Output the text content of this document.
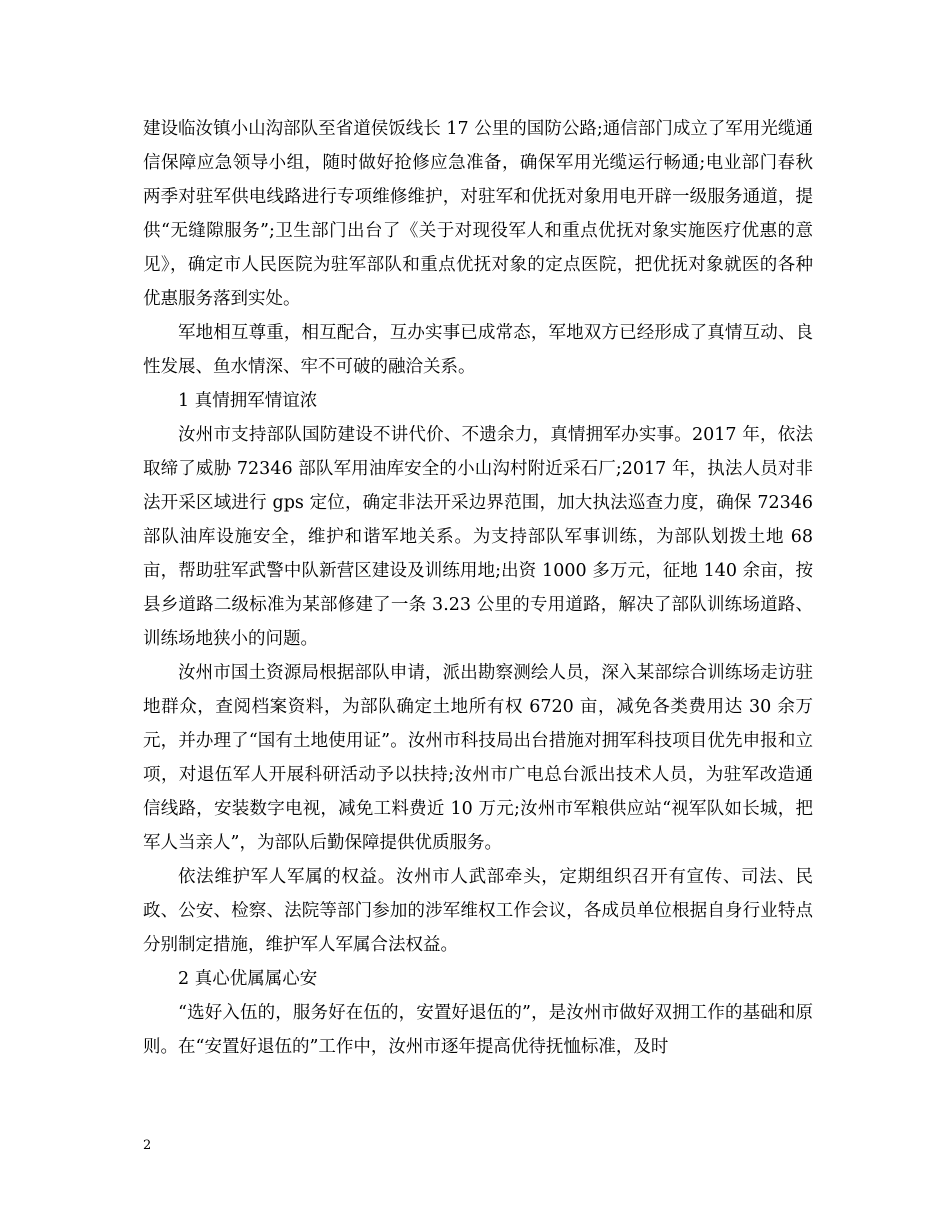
建设临汝镇小山沟部队至省道侯饭线长 17 公里的国防公路;通信部门成立了军用光缆通信保障应急领导小组，随时做好抢修应急准备，确保军用光缆运行畅通;电业部门春秋两季对驻军供电线路进行专项维修维护，对驻军和优抚对象用电开辟一级服务通道，提供“无缝隙服务”;卫生部门出台了《关于对现役军人和重点优抚对象实施医疗优惠的意见》，确定市人民医院为驻军部队和重点优抚对象的定点医院，把优抚对象就医的各种优惠服务落到实处。

军地相互尊重，相互配合，互办实事已成常态，军地双方已经形成了真情互动、良性发展、鱼水情深、牢不可破的融洽关系。

1 真情拥军情谊浓

汝州市支持部队国防建设不讲代价、不遗余力，真情拥军办实事。2017 年，依法取缔了威胁 72346 部队军用油库安全的小山沟村附近采石厂;2017 年，执法人员对非法开采区域进行 gps 定位，确定非法开采边界范围，加大执法巡查力度，确保 72346 部队油库设施安全，维护和谐军地关系。为支持部队军事训练，为部队划拨土地 68 亩，帮助驻军武警中队新营区建设及训练用地;出资 1000 多万元，征地 140 余亩，按县乡道路二级标准为某部修建了一条 3.23 公里的专用道路，解决了部队训练场道路、训练场地狭小的问题。

汝州市国土资源局根据部队申请，派出勘察测绘人员，深入某部综合训练场走访驻地群众，查阅档案资料，为部队确定土地所有权 6720 亩，减免各类费用达 30 余万元，并办理了“国有土地使用证”。汝州市科技局出台措施对拥军科技项目优先申报和立项，对退伍军人开展科研活动予以扶持;汝州市广电总台派出技术人员，为驻军改造通信线路，安装数字电视，减免工料费近 10 万元;汝州市军粮供应站“视军队如长城，把军人当亲人”，为部队后勤保障提供优质服务。

依法维护军人军属的权益。汝州市人武部牵头，定期组织召开有宣传、司法、民政、公安、检察、法院等部门参加的涉军维权工作会议，各成员单位根据自身行业特点分别制定措施，维护军人军属合法权益。

2 真心优属属心安

“选好入伍的，服务好在伍的，安置好退伍的”，是汝州市做好双拥工作的基础和原则。在“安置好退伍的”工作中，汝州市逐年提高优待抚恤标准，及时

2
